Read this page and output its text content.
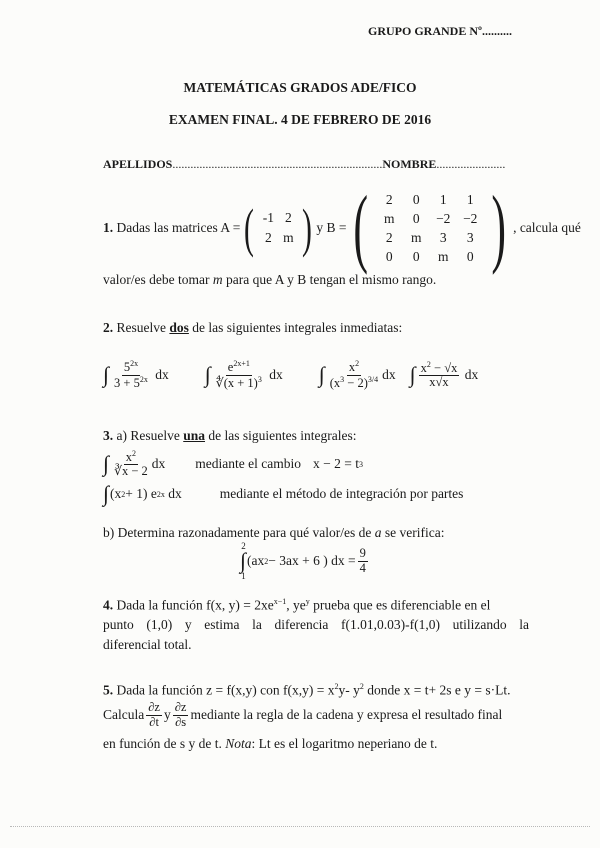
GRUPO GRANDE Nº..........
MATEMÁTICAS GRADOS ADE/FICO
EXAMEN FINAL. 4 DE FEBRERO DE 2016
APELLIDOS ...................................................................... NOMBRE .......................
1.
Dadas las matrices A = ( -1 2
2 m ) y B = (	2	0	1	1
m	0	−2 −2
2	m	3	3
0	0	m	0 ) , calcula qué
valor/es debe tomar m para que A y B tengan el mismo rango.
2. Resuelve dos de las siguientes integrales inmediatas:
∫ $\frac{5^{2x}}{3 + 5^{2x}}$
dx ∫ $\frac{e^{2x+1}}{∜(x + 1)^3}$
dx ∫ $\frac{x^2}{(x^3 - 2)^{3/4}}$ dx ∫ $\frac{x^2 - √x}{x√x}$
dx
3. a) Resuelve una de las siguientes integrales:
∫ $\frac{x^2}{∛x - 2}$ dx mediante el cambio x − 2 = t 3
∫ (x 2 + 1) e 2x
dx	mediante el método de integración por partes
b) Determina razonadamente para qué valor/es de a se verifica:
2
∫
1
(ax 2 − 3ax + 6 ) dx = $\frac{9}{4}$
4. Dada la función f(x, $y) = 2xe^{x-1}$, $ye^y$ prueba que es diferenciable en el
punto (1,0) y estima la diferencia f(1.01,0.03)-f(1,0) utilizando la
diferencial total.
5. Dada la función z = f(x,y) con $f(x,y) = x^2y-$ $y^2$ donde x = t+ 2s e y = s·Lt.
Calcula $\frac{\partial z}{\partial t}$ y $\frac{\partial z}{\partial s}$ mediante la regla de la cadena y expresa el resultado final
en función de s y de t. Nota: Lt es el logaritmo neperiano de t.
